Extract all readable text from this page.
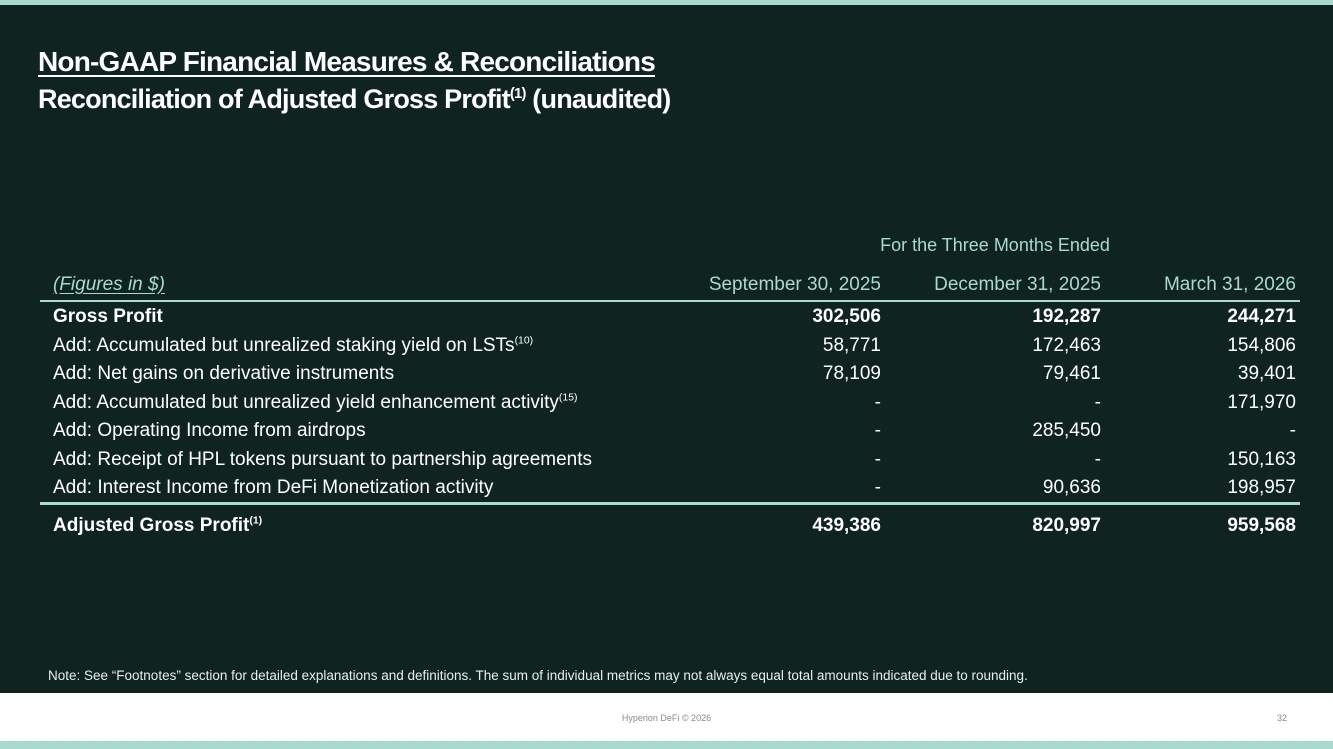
Non-GAAP Financial Measures & Reconciliations
Reconciliation of Adjusted Gross Profit$^{(1)}$ (unaudited)
For the Three Months Ended
(Figures in $)	September 30, 2025	December 31, 2025	March 31, 2026
Gross Profit	302,506	192,287	244,271
Add: Accumulated but unrealized staking yield on LSTs$^{(10)}$	58,771	172,463	154,806
Add: Net gains on derivative instruments	78,109	79,461	39,401
Add: Accumulated but unrealized yield enhancement activity$^{(15)}$	-	-	171,970
Add: Operating Income from airdrops	-	285,450	-
Add: Receipt of HPL tokens pursuant to partnership agreements	-	-	150,163
Add: Interest Income from DeFi Monetization activity	-	90,636	198,957
Adjusted Gross Profit$^{(1)}$	439,386	820,997	959,568
Note: See “Footnotes” section for detailed explanations and definitions. The sum of individual metrics may not always equal total amounts indicated due to rounding.
Hyperion DeFi © 2026	32
